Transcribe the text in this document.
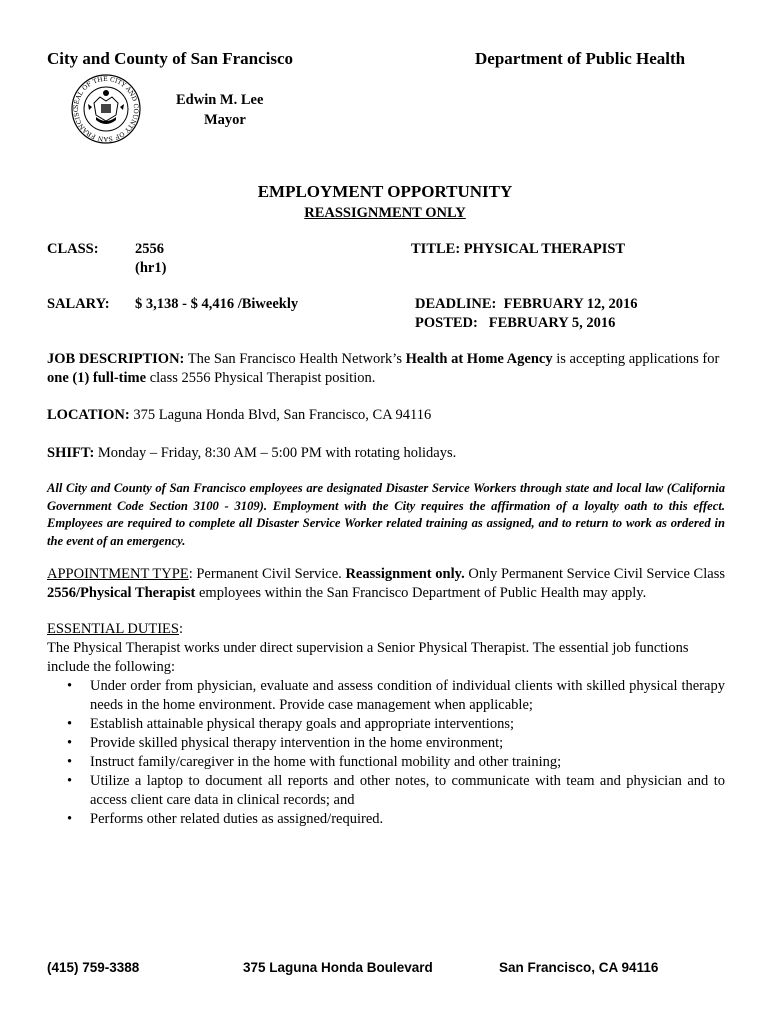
City and County of San Francisco	Department of Public Health
SEAL OF THE CITY AND COUNTY OF SAN FRANCISC
Edwin M. Lee
Mayor
EMPLOYMENT OPPORTUNITY
REASSIGNMENT ONLY
CLASS:	2556
(hr1)
TITLE: PHYSICAL THERAPIST
SALARY: $ 3,138 - $ 4,416 /Biweekly	DEADLINE: FEBRUARY 12, 2016
POSTED: FEBRUARY 5, 2016
JOB DESCRIPTION: The San Francisco Health Network’s Health at Home Agency is accepting applications for one (1) full-time class 2556 Physical Therapist position.
LOCATION: 375 Laguna Honda Blvd, San Francisco, CA 94116
SHIFT: Monday – Friday, 8:30 AM – 5:00 PM with rotating holidays.
All City and County of San Francisco employees are designated Disaster Service Workers through state and local law (California Government Code Section 3100 - 3109). Employment with the City requires the affirmation of a loyalty oath to this effect. Employees are required to complete all Disaster Service Worker related training as assigned, and to return to work as ordered in the event of an emergency.
APPOINTMENT TYPE: Permanent Civil Service. Reassignment only. Only Permanent Service Civil Service Class 2556/Physical Therapist employees within the San Francisco Department of Public Health may apply.
ESSENTIAL DUTIES:
The Physical Therapist works under direct supervision a Senior Physical Therapist. The essential job functions include the following:
• Under order from physician, evaluate and assess condition of individual clients with skilled physical therapy needs in the home environment. Provide case management when applicable;
• Establish attainable physical therapy goals and appropriate interventions;
• Provide skilled physical therapy intervention in the home environment;
• Instruct family/caregiver in the home with functional mobility and other training;
• Utilize a laptop to document all reports and other notes, to communicate with team and physician and to access client care data in clinical records; and
• Performs other related duties as assigned/required.
(415) 759-3388	375 Laguna Honda Boulevard	San Francisco, CA 94116
